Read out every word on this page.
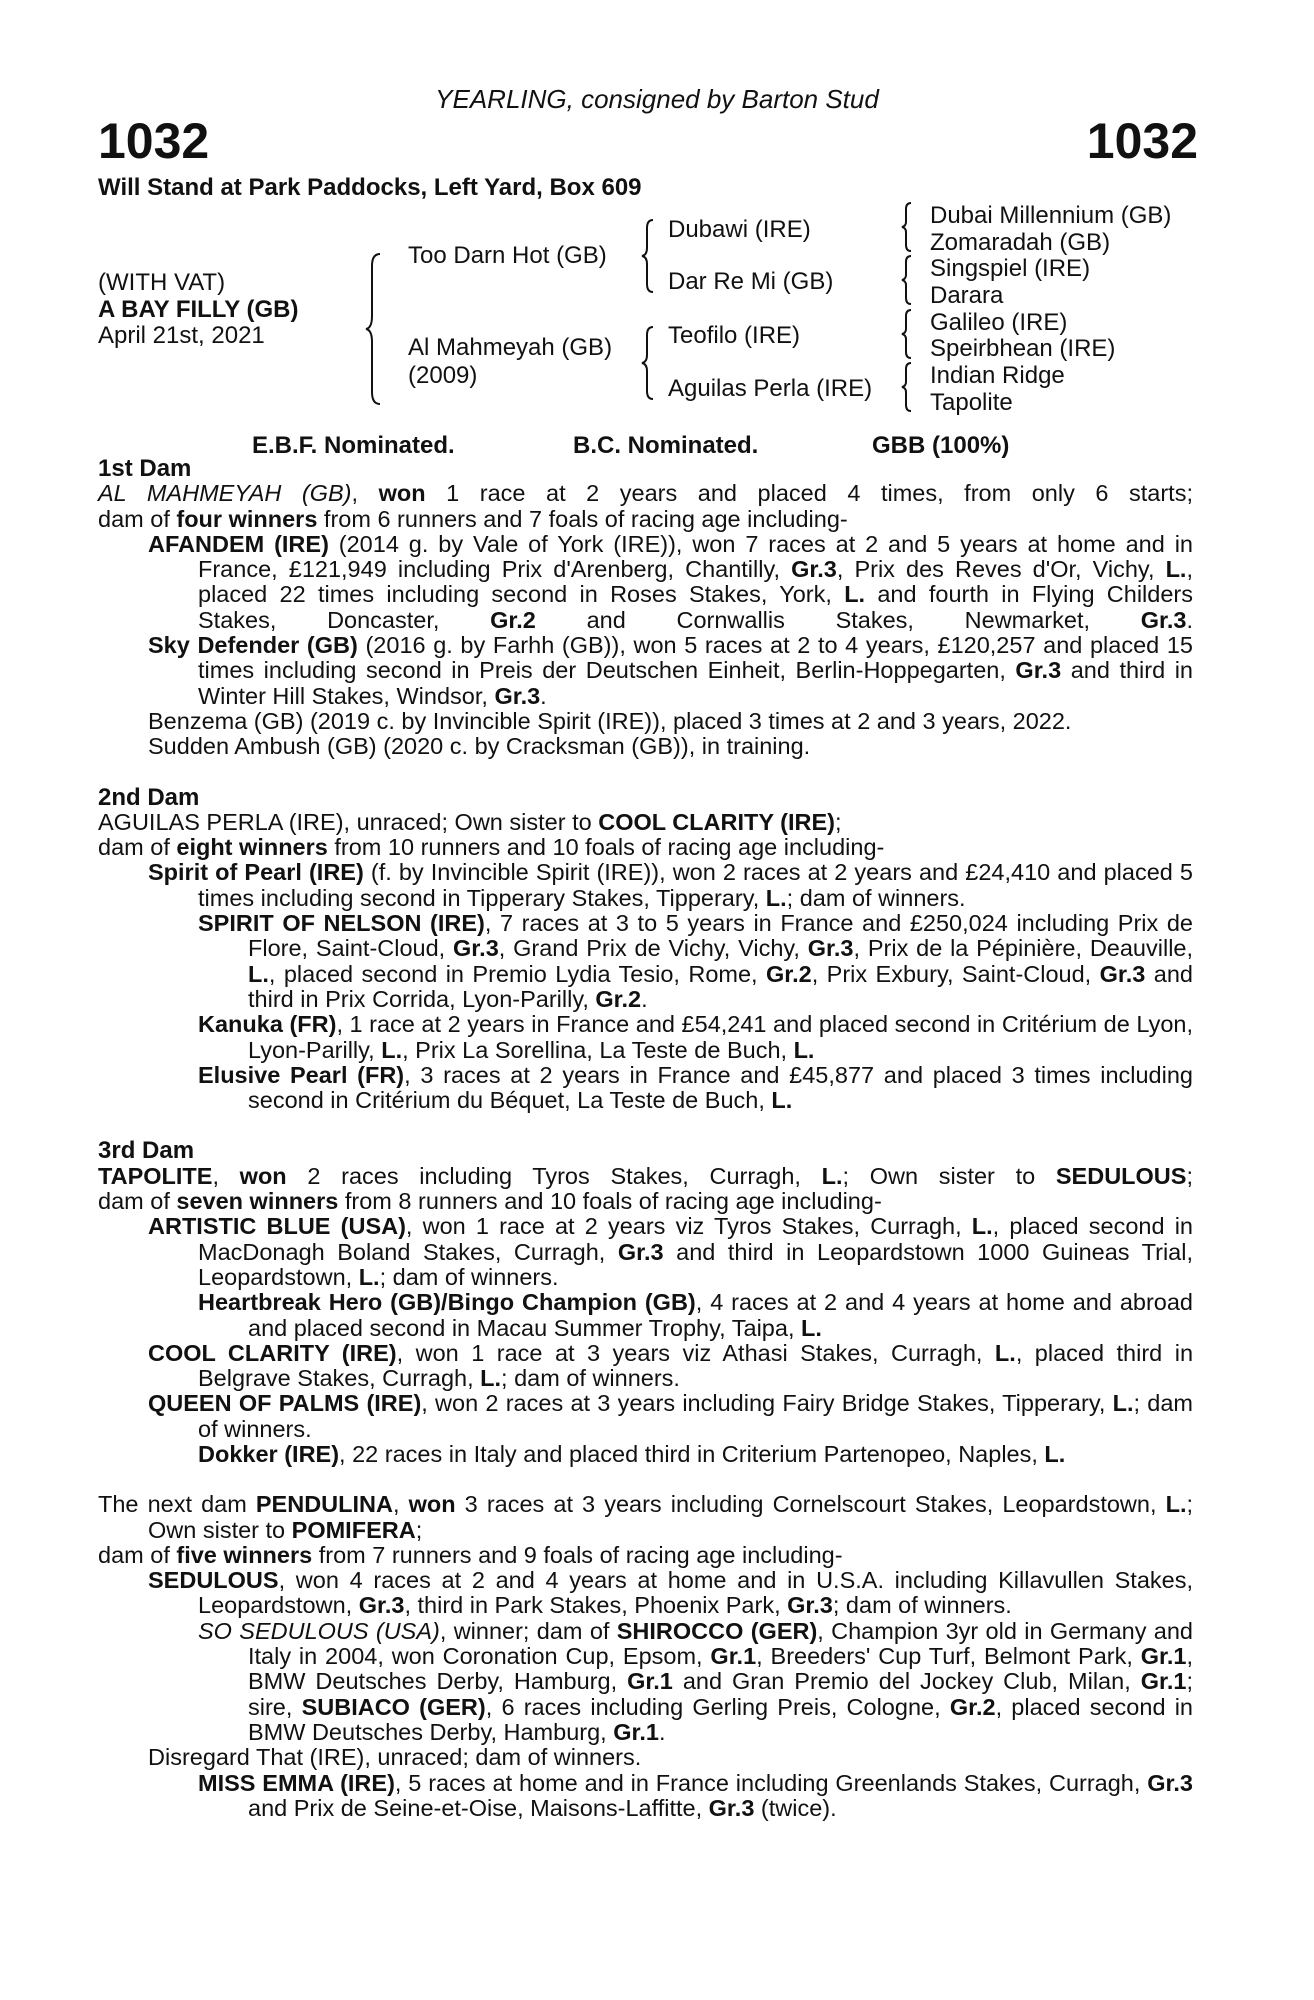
YEARLING, consigned by Barton Stud
1032	1032
Will Stand at Park Paddocks, Left Yard, Box 609
(WITH VAT)
A BAY FILLY (GB)
April 21st, 2021
Too Darn Hot (GB)
Al Mahmeyah (GB)
(2009)
Dubawi (IRE)
Dar Re Mi (GB)
Teofilo (IRE)
Aguilas Perla (IRE)
Dubai Millennium (GB)
Zomaradah (GB)
Singspiel (IRE)
Darara
Galileo (IRE)
Speirbhean (IRE)
Indian Ridge
Tapolite
E.B.F. Nominated.	B.C. Nominated.	GBB (100%)
1st Dam

AL MAHMEYAH (GB), won 1 race at 2 years and placed 4 times, from only 6 starts;

dam of four winners from 6 runners and 7 foals of racing age including-

AFANDEM (IRE) (2014 g. by Vale of York (IRE)), won 7 races at 2 and 5 years at home and in France, £121,949 including Prix d'Arenberg, Chantilly, Gr.3, Prix des Reves d'Or, Vichy, L., placed 22 times including second in Roses Stakes, York, L. and fourth in Flying Childers Stakes, Doncaster, Gr.2 and Cornwallis Stakes, Newmarket, Gr.3.

Sky Defender (GB) (2016 g. by Farhh (GB)), won 5 races at 2 to 4 years, £120,257 and placed 15 times including second in Preis der Deutschen Einheit, Berlin-Hoppegarten, Gr.3 and third in Winter Hill Stakes, Windsor, Gr.3.

Benzema (GB) (2019 c. by Invincible Spirit (IRE)), placed 3 times at 2 and 3 years, 2022.

Sudden Ambush (GB) (2020 c. by Cracksman (GB)), in training.

2nd Dam

AGUILAS PERLA (IRE), unraced; Own sister to COOL CLARITY (IRE);

dam of eight winners from 10 runners and 10 foals of racing age including-

Spirit of Pearl (IRE) (f. by Invincible Spirit (IRE)), won 2 races at 2 years and £24,410 and placed 5 times including second in Tipperary Stakes, Tipperary, L.; dam of winners.

SPIRIT OF NELSON (IRE), 7 races at 3 to 5 years in France and £250,024 including Prix de Flore, Saint-Cloud, Gr.3, Grand Prix de Vichy, Vichy, Gr.3, Prix de la Pépinière, Deauville, L., placed second in Premio Lydia Tesio, Rome, Gr.2, Prix Exbury, Saint-Cloud, Gr.3 and third in Prix Corrida, Lyon-Parilly, Gr.2.

Kanuka (FR), 1 race at 2 years in France and £54,241 and placed second in Critérium de Lyon, Lyon-Parilly, L., Prix La Sorellina, La Teste de Buch, L.

Elusive Pearl (FR), 3 races at 2 years in France and £45,877 and placed 3 times including second in Critérium du Béquet, La Teste de Buch, L.

3rd Dam

TAPOLITE, won 2 races including Tyros Stakes, Curragh, L.; Own sister to SEDULOUS;

dam of seven winners from 8 runners and 10 foals of racing age including-

ARTISTIC BLUE (USA), won 1 race at 2 years viz Tyros Stakes, Curragh, L., placed second in MacDonagh Boland Stakes, Curragh, Gr.3 and third in Leopardstown 1000 Guineas Trial, Leopardstown, L.; dam of winners.

Heartbreak Hero (GB)/Bingo Champion (GB), 4 races at 2 and 4 years at home and abroad and placed second in Macau Summer Trophy, Taipa, L.

COOL CLARITY (IRE), won 1 race at 3 years viz Athasi Stakes, Curragh, L., placed third in Belgrave Stakes, Curragh, L.; dam of winners.

QUEEN OF PALMS (IRE), won 2 races at 3 years including Fairy Bridge Stakes, Tipperary, L.; dam of winners.

Dokker (IRE), 22 races in Italy and placed third in Criterium Partenopeo, Naples, L.

The next dam PENDULINA, won 3 races at 3 years including Cornelscourt Stakes, Leopardstown, L.; Own sister to POMIFERA;

dam of five winners from 7 runners and 9 foals of racing age including-

SEDULOUS, won 4 races at 2 and 4 years at home and in U.S.A. including Killavullen Stakes, Leopardstown, Gr.3, third in Park Stakes, Phoenix Park, Gr.3; dam of winners.

SO SEDULOUS (USA), winner; dam of SHIROCCO (GER), Champion 3yr old in Germany and Italy in 2004, won Coronation Cup, Epsom, Gr.1, Breeders' Cup Turf, Belmont Park, Gr.1, BMW Deutsches Derby, Hamburg, Gr.1 and Gran Premio del Jockey Club, Milan, Gr.1; sire, SUBIACO (GER), 6 races including Gerling Preis, Cologne, Gr.2, placed second in BMW Deutsches Derby, Hamburg, Gr.1.

Disregard That (IRE), unraced; dam of winners.

MISS EMMA (IRE), 5 races at home and in France including Greenlands Stakes, Curragh, Gr.3 and Prix de Seine-et-Oise, Maisons-Laffitte, Gr.3 (twice).
